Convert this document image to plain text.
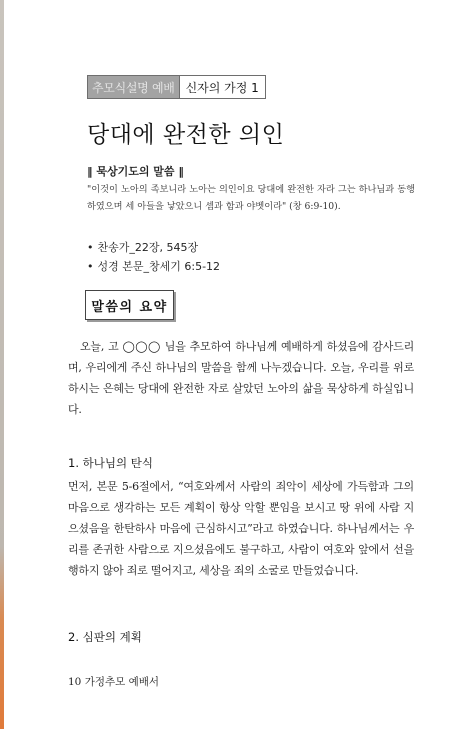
추모식설명 예배 신자의 가정 1
당대에 완전한 의인
‖ 묵상기도의 말씀 ‖
"이것이 노아의 족보니라 노아는 의인이요 당대에 완전한 자라 그는 하나님과 동행하였으며 세 아들을 낳았으니 셈과 함과 야벳이라" (창 6:9-10).
• 찬송가_22장, 545장
• 성경 본문_창세기 6:5-12
말씀의 요약

오늘, 고 ◯◯◯ 님을 추모하여 하나님께 예배하게 하셨음에 감사드리며, 우리에게 주신 하나님의 말씀을 함께 나누겠습니다. 오늘, 우리를 위로하시는 은혜는 당대에 완전한 자로 살았던 노아의 삶을 묵상하게 하실입니다.

1. 하나님의 탄식

먼저, 본문 5-6절에서, “여호와께서 사람의 죄악이 세상에 가득함과 그의 마음으로 생각하는 모든 계획이 항상 악할 뿐임을 보시고 땅 위에 사람 지으셨음을 한탄하사 마음에 근심하시고”라고 하였습니다. 하나님께서는 우리를 존귀한 사람으로 지으셨음에도 불구하고, 사람이 여호와 앞에서 선을 행하지 않아 죄로 떨어지고, 세상을 죄의 소굴로 만들었습니다.

2. 심판의 계획
10 가정추모 예배서
